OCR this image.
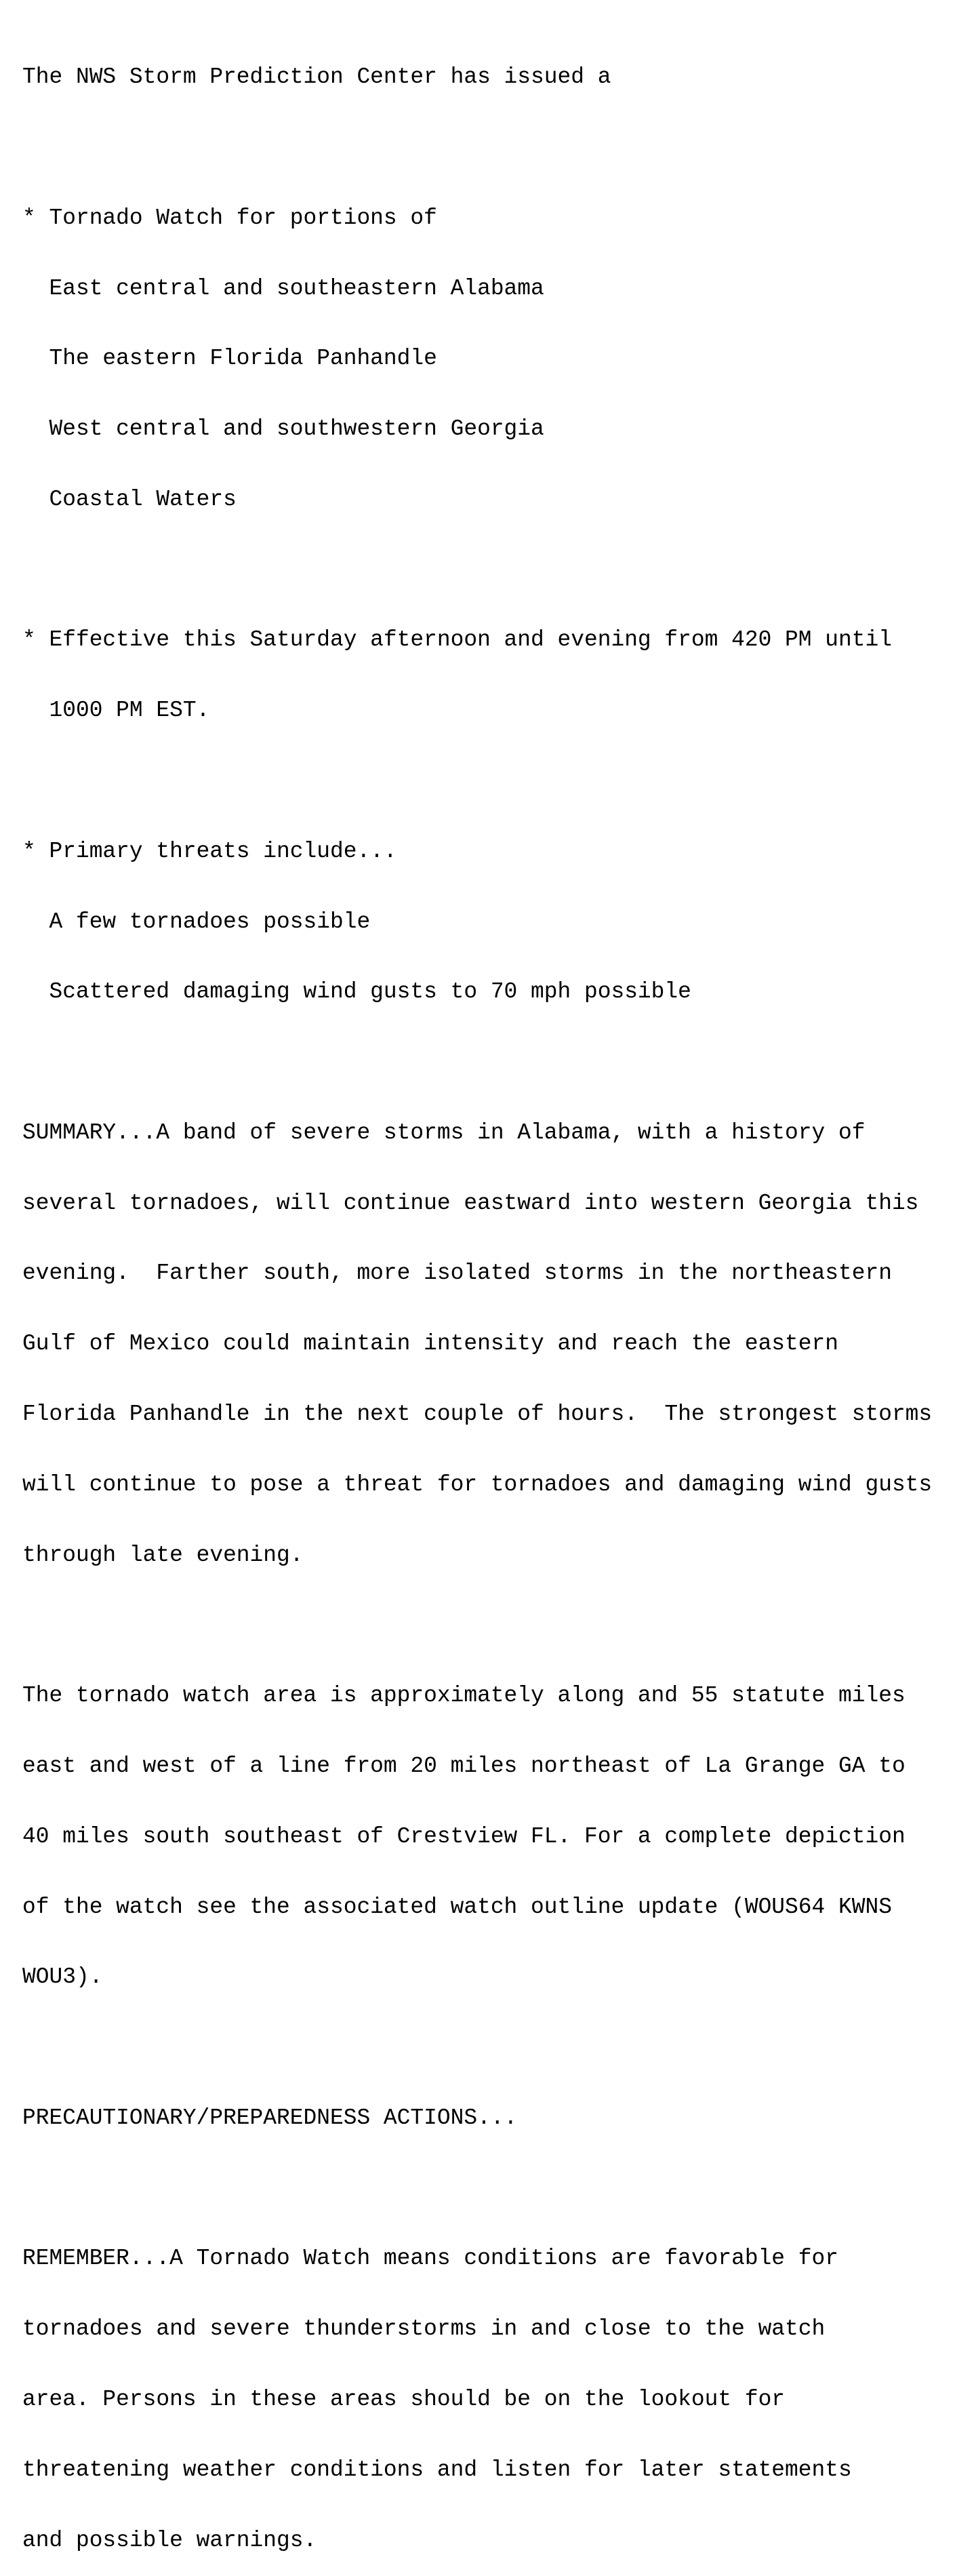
The NWS Storm Prediction Center has issued a

* Tornado Watch for portions of

East central and southeastern Alabama

The eastern Florida Panhandle

West central and southwestern Georgia

Coastal Waters

* Effective this Saturday afternoon and evening from 420 PM until

1000 PM EST.

* Primary threats include...

A few tornadoes possible

Scattered damaging wind gusts to 70 mph possible

SUMMARY...A band of severe storms in Alabama, with a history of

several tornadoes, will continue eastward into western Georgia this

evening.  Farther south, more isolated storms in the northeastern

Gulf of Mexico could maintain intensity and reach the eastern

Florida Panhandle in the next couple of hours.  The strongest storms

will continue to pose a threat for tornadoes and damaging wind gusts

through late evening.

The tornado watch area is approximately along and 55 statute miles

east and west of a line from 20 miles northeast of La Grange GA to

40 miles south southeast of Crestview FL. For a complete depiction

of the watch see the associated watch outline update (WOUS64 KWNS

WOU3).

PRECAUTIONARY/PREPAREDNESS ACTIONS...

REMEMBER...A Tornado Watch means conditions are favorable for

tornadoes and severe thunderstorms in and close to the watch

area. Persons in these areas should be on the lookout for

threatening weather conditions and listen for later statements

and possible warnings.
